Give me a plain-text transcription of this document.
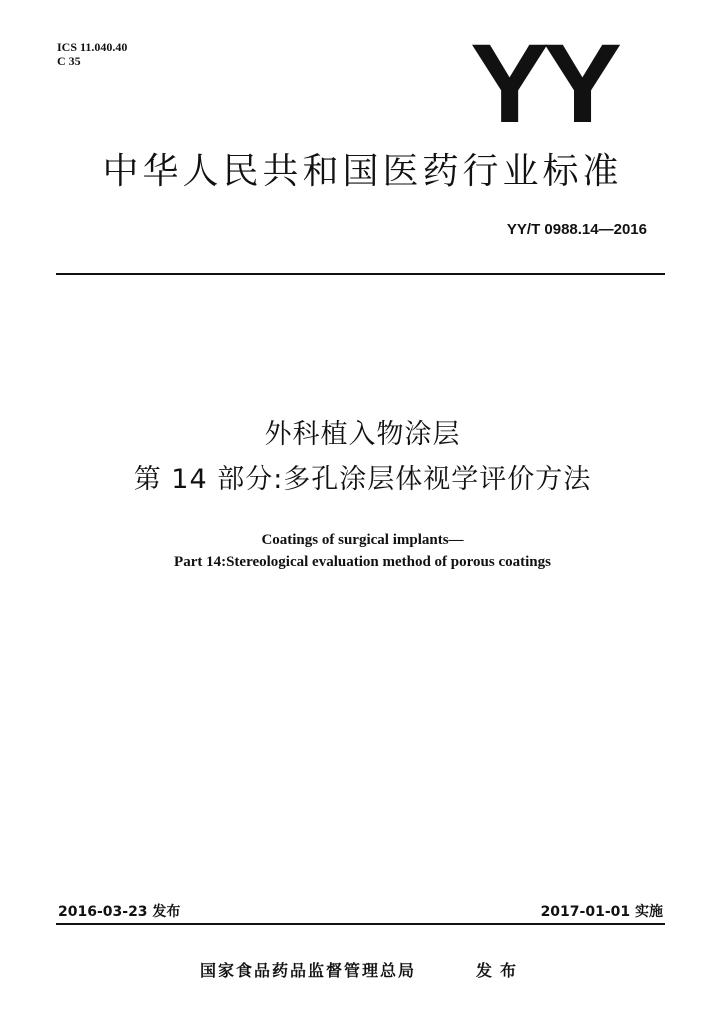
ICS 11.040.40
C 35	YY
中华人民共和国医药行业标准
YY/T 0988.14—2016
外科植入物涂层
第 14 部分:多孔涂层体视学评价方法
Coatings of surgical implants—
Part 14:Stereological evaluation method of porous coatings
2016-03-23 发布	2017-01-01 实施
国家食品药品监督管理总局	发布
